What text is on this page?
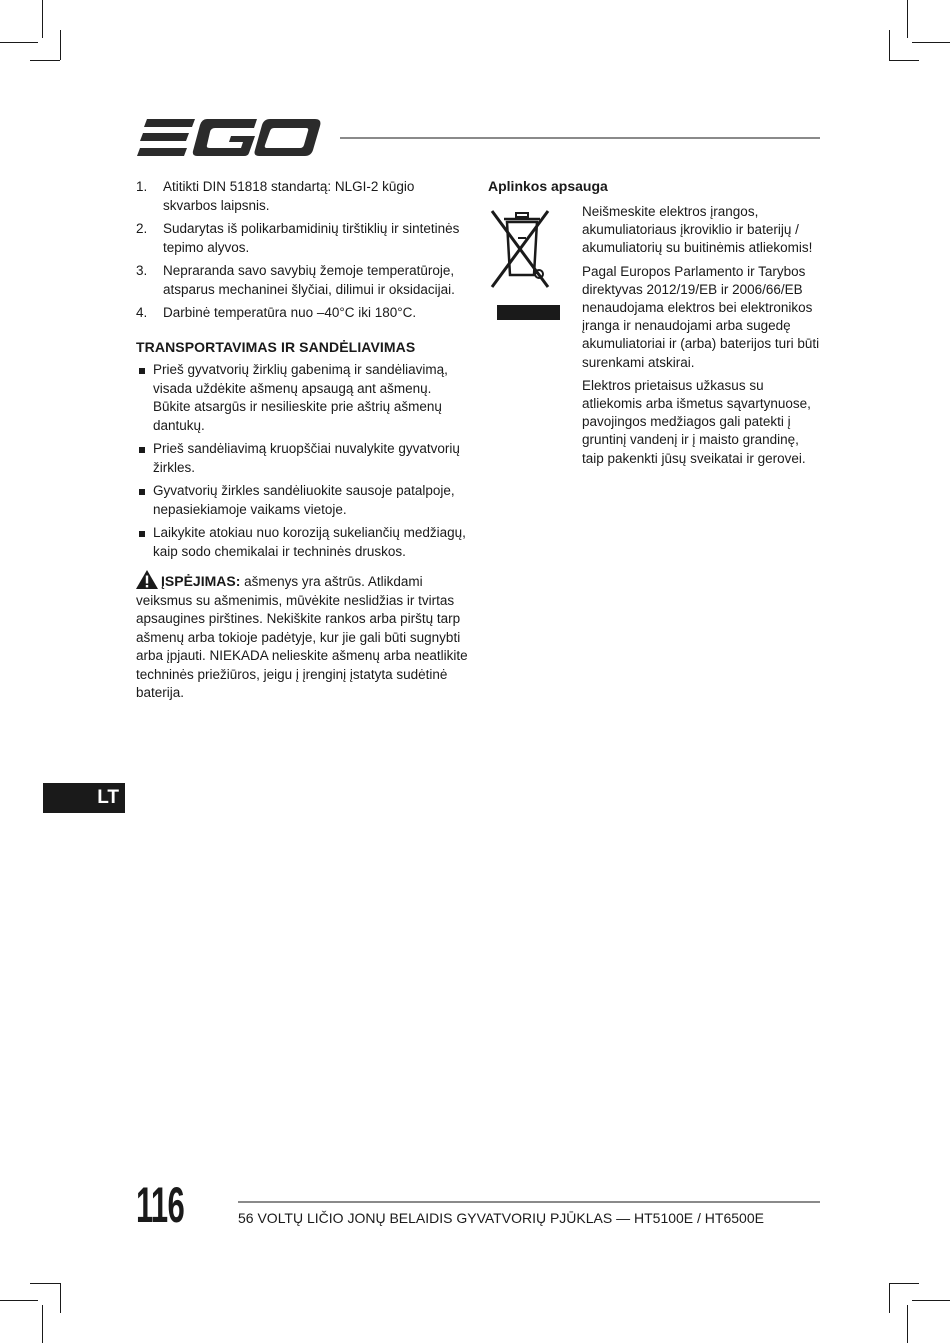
1. Atitikti DIN 51818 standartą: NLGI-2 kūgio skvarbos laipsnis.
2. Sudarytas iš polikarbamidinių tirštiklių ir sintetinės tepimo alyvos.
3. Nepraranda savo savybių žemoje temperatūroje, atsparus mechaninei šlyčiai, dilimui ir oksidacijai.
4. Darbinė temperatūra nuo –40°C iki 180°C.
TRANSPORTAVIMAS IR SANDĖLIAVIMAS
Prieš gyvatvorių žirklių gabenimą ir sandėliavimą, visada uždėkite ašmenų apsaugą ant ašmenų. Būkite atsargūs ir nesilieskite prie aštrių ašmenų dantukų.
Prieš sandėliavimą kruopščiai nuvalykite gyvatvorių žirkles.
Gyvatvorių žirkles sandėliuokite sausoje patalpoje, nepasiekiamoje vaikams vietoje.
Laikykite atokiau nuo koroziją sukeliančių medžiagų, kaip sodo chemikalai ir techninės druskos.
ĮSPĖJIMAS: ašmenys yra aštrūs. Atlikdami veiksmus su ašmenimis, mūvėkite neslidžias ir tvirtas apsaugines pirštines. Nekiškite rankos arba pirštų tarp ašmenų arba tokioje padėtyje, kur jie gali būti sugnybti arba įpjauti. NIEKADA nelieskite ašmenų arba neatlikite techninės priežiūros, jeigu į įrenginį įstatyta sudėtinė baterija.
Aplinkos apsauga

Neišmeskite elektros įrangos, akumuliatoriaus įkroviklio ir baterijų / akumuliatorių su buitinėmis atliekomis!

Pagal Europos Parlamento ir Tarybos direktyvas 2012/19/EB ir 2006/66/EB nenaudojama elektros bei elektronikos įranga ir nenaudojami arba sugedę akumuliatoriai ir (arba) baterijos turi būti surenkami atskirai.

Elektros prietaisus užkasus su atliekomis arba išmetus sąvartynuose, pavojingos medžiagos gali patekti į gruntinį vandenį ir į maisto grandinę, taip pakenkti jūsų sveikatai ir gerovei.

LT
116	56 VOLTŲ LIČIO JONŲ BELAIDIS GYVATVORIŲ PJŪKLAS — HT5100E / HT6500E
